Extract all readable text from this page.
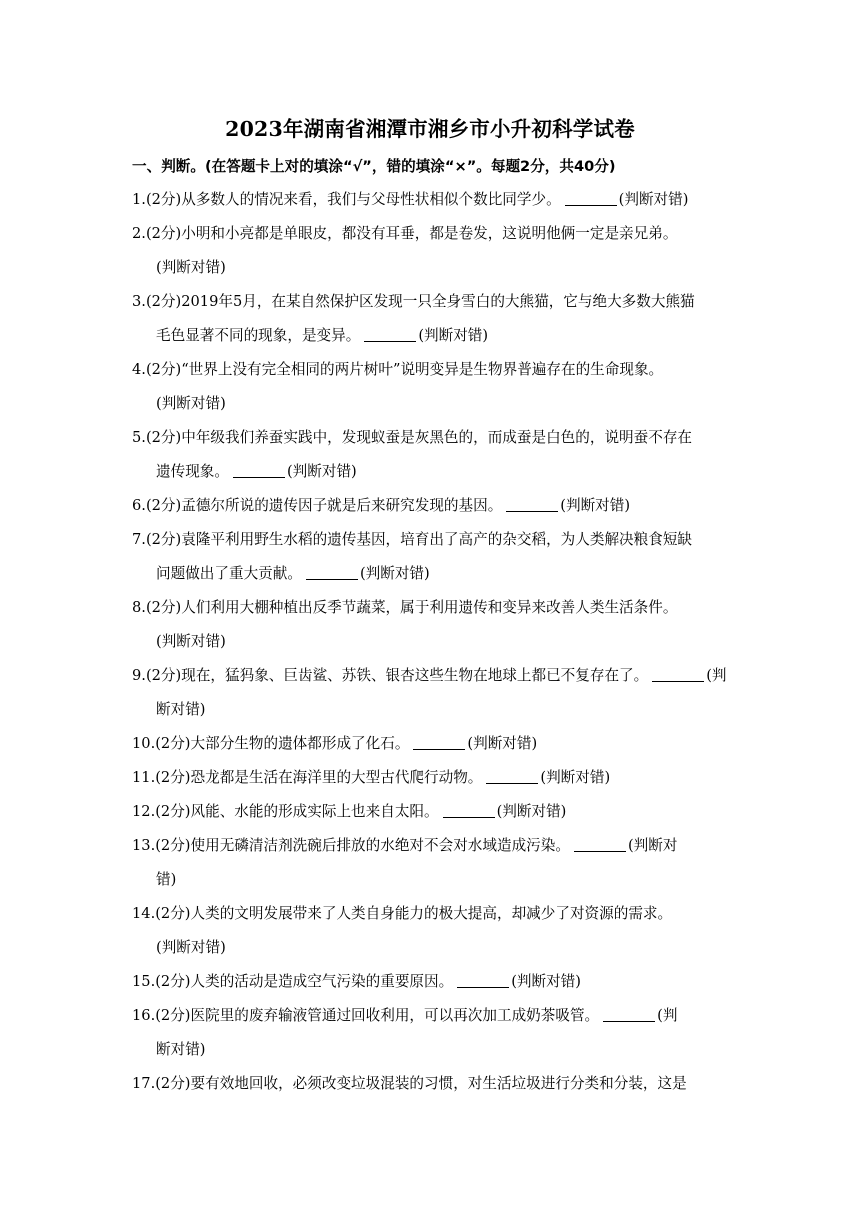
2023年湖南省湘潭市湘乡市小升初科学试卷
一、判断。(在答题卡上对的填涂“√”，错的填涂“×”。每题2分，共40分)
1.(2分)从多数人的情况来看，我们与父母性状相似个数比同学少。	(判断对错)
2.(2分)小明和小亮都是单眼皮，都没有耳垂，都是卷发，这说明他俩一定是亲兄弟。
(判断对错)
3.(2分)2019年5月，在某自然保护区发现一只全身雪白的大熊猫，它与绝大多数大熊猫
毛色显著不同的现象，是变异。	(判断对错)
4.(2分)“世界上没有完全相同的两片树叶”说明变异是生物界普遍存在的生命现象。
(判断对错)
5.(2分)中年级我们养蚕实践中，发现蚁蚕是灰黑色的，而成蚕是白色的，说明蚕不存在
遗传现象。	(判断对错)
6.(2分)孟德尔所说的遗传因子就是后来研究发现的基因。	(判断对错)
7.(2分)袁隆平利用野生水稻的遗传基因，培育出了高产的杂交稻，为人类解决粮食短缺
问题做出了重大贡献。	(判断对错)
8.(2分)人们利用大棚种植出反季节蔬菜，属于利用遗传和变异来改善人类生活条件。
(判断对错)
9.(2分)现在，猛犸象、巨齿鲨、苏铁、银杏这些生物在地球上都已不复存在了。	(判
断对错)
10.(2分)大部分生物的遗体都形成了化石。	(判断对错)
11.(2分)恐龙都是生活在海洋里的大型古代爬行动物。	(判断对错)
12.(2分)风能、水能的形成实际上也来自太阳。	(判断对错)
13.(2分)使用无磷清洁剂洗碗后排放的水绝对不会对水域造成污染。	(判断对
错)
14.(2分)人类的文明发展带来了人类自身能力的极大提高，却减少了对资源的需求。
(判断对错)
15.(2分)人类的活动是造成空气污染的重要原因。	(判断对错)
16.(2分)医院里的废弃输液管通过回收利用，可以再次加工成奶茶吸管。	(判
断对错)
17.(2分)要有效地回收，必须改变垃圾混装的习惯，对生活垃圾进行分类和分装，这是
